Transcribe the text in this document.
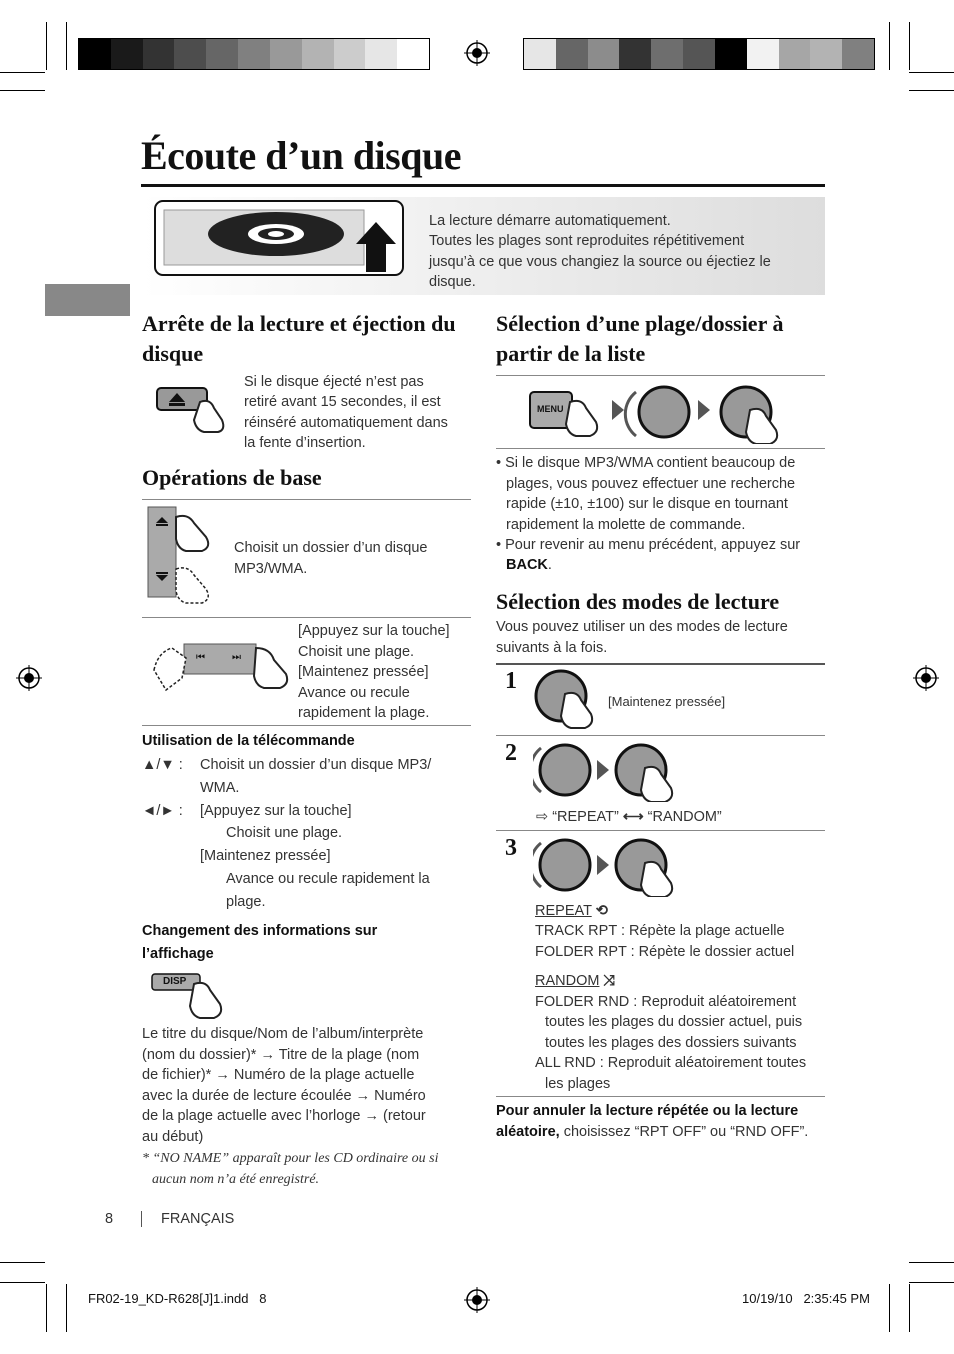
Écoute d’un disque
La lecture démarre automatiquement.
Toutes les plages sont reproduites répétitivement
jusqu’à ce que vous changiez la source ou éjectiez le
disque.
Arrête de la lecture et éjection du
disque
Si le disque éjecté n’est pas
retiré avant 15 secondes, il est
réinséré automatiquement dans
la fente d’insertion.
Opérations de base
Choisit un dossier d’un disque
MP3/WMA.
⏮	⏭
[Appuyez sur la touche]
Choisit une plage.
[Maintenez pressée]
Avance ou recule
rapidement la plage.
Utilisation de la télécommande
▲/▼ : Choisit un dossier d’un disque MP3/
WMA.
◄/► : [Appuyez sur la touche]
Choisit une plage.
[Maintenez pressée]
Avance ou recule rapidement la
plage.
Changement des informations sur
l’affichage
DISP
Le titre du disque/Nom de l’album/interprète
(nom du dossier)* → Titre de la plage (nom
de fichier)* → Numéro de la plage actuelle
avec la durée de lecture écoulée → Numéro
de la plage actuelle avec l’horloge → (retour
au début)
* “NO NAME” apparaît pour les CD ordinaire ou si
aucun nom n’a été enregistré.
Sélection d’une plage/dossier à
partir de la liste
MENU
• Si le disque MP3/WMA contient beaucoup de
plages, vous pouvez effectuer une recherche
rapide (±10, ±100) sur le disque en tournant
rapidement la molette de commande.
• Pour revenir au menu précédent, appuyez sur
BACK.
Sélection des modes de lecture
Vous pouvez utiliser un des modes de lecture
suivants à la fois.
1
[Maintenez pressée]
2
⇨ “REPEAT” ⟷ “RANDOM”
3
REPEAT ⟲
TRACK RPT : Répète la plage actuelle
FOLDER RPT : Répète le dossier actuel
RANDOM ⤨
FOLDER RND : Reproduit aléatoirement
toutes les plages du dossier actuel, puis
toutes les plages des dossiers suivants
ALL RND : Reproduit aléatoirement toutes
les plages
Pour annuler la lecture répétée ou la lecture
aléatoire, choisissez “RPT OFF” ou “RND OFF”.
8	FRANÇAIS
FR02-19_KD-R628[J]1.indd   8	10/19/10   2:35:45 PM
